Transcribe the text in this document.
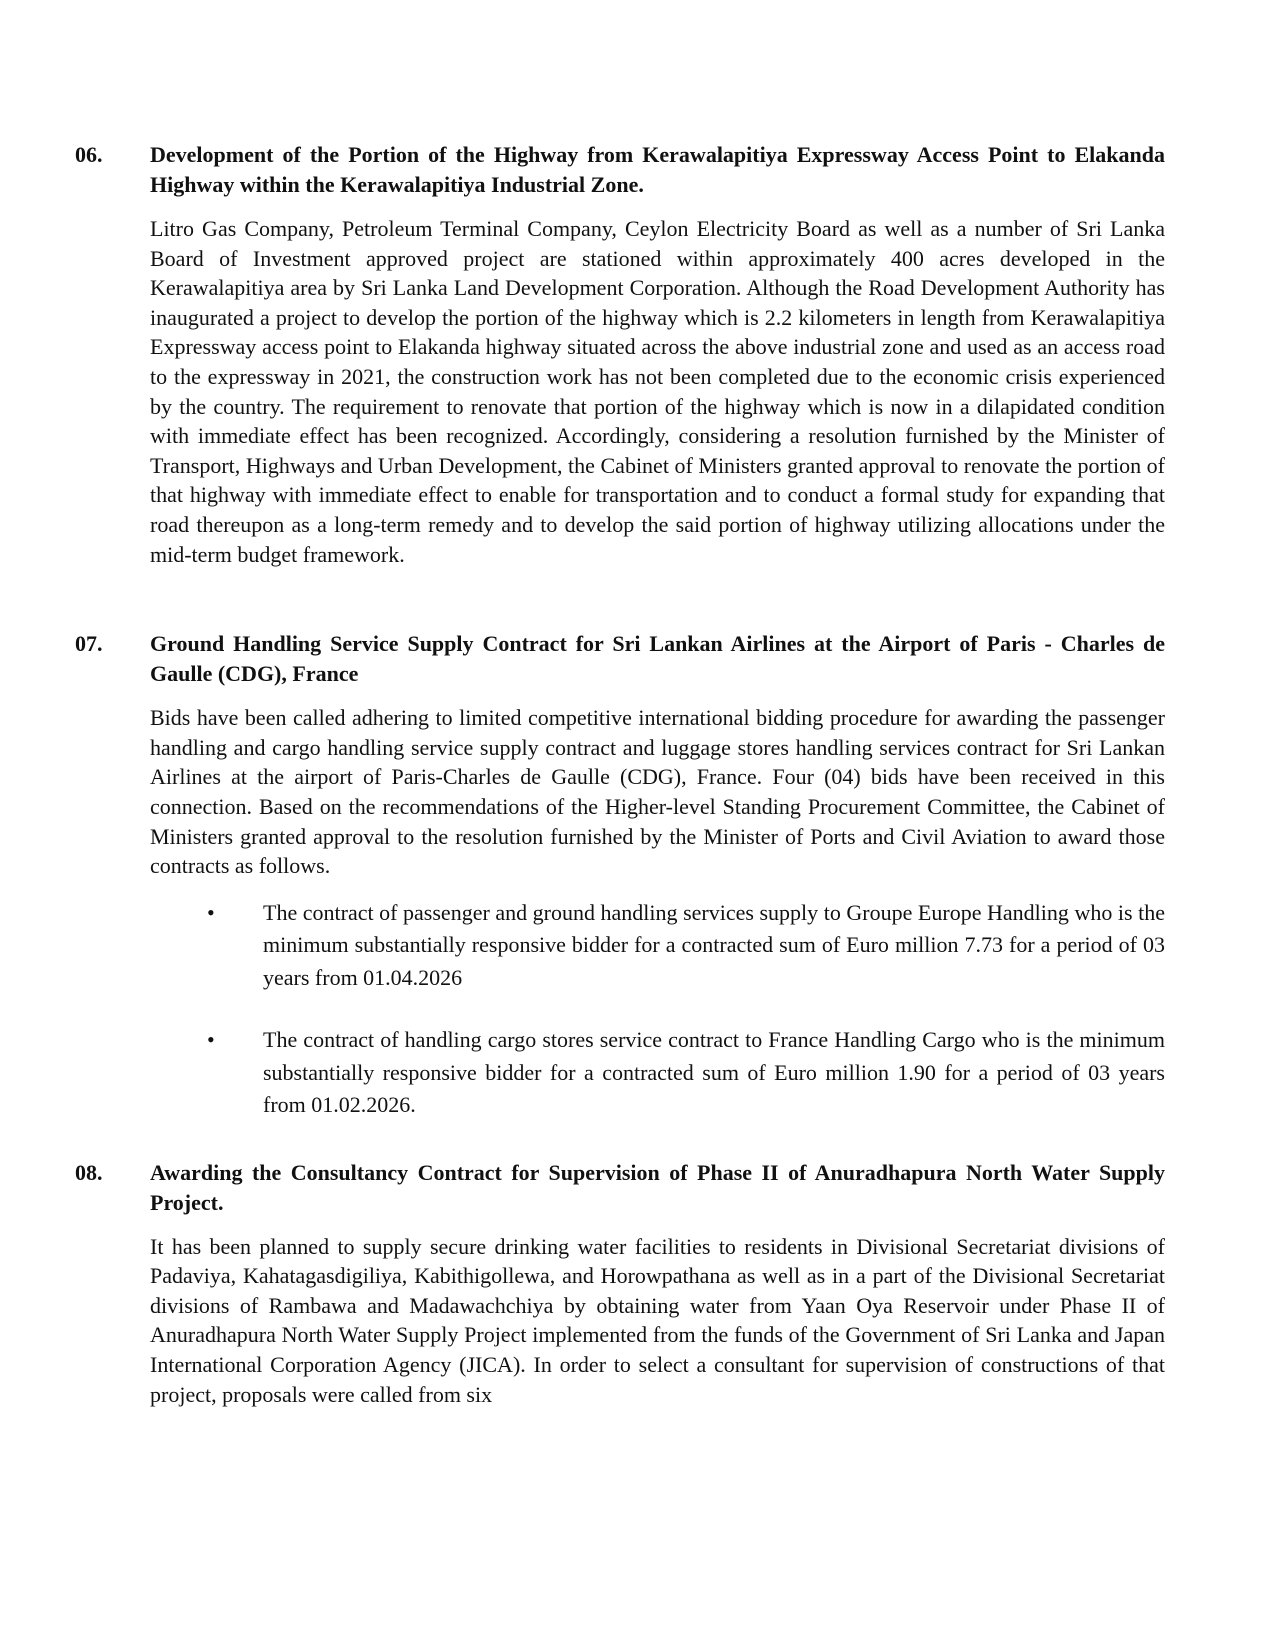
06. Development of the Portion of the Highway from Kerawalapitiya Expressway Access Point to Elakanda Highway within the Kerawalapitiya Industrial Zone.
Litro Gas Company, Petroleum Terminal Company, Ceylon Electricity Board as well as a number of Sri Lanka Board of Investment approved project are stationed within approximately 400 acres developed in the Kerawalapitiya area by Sri Lanka Land Development Corporation. Although the Road Development Authority has inaugurated a project to develop the portion of the highway which is 2.2 kilometers in length from Kerawalapitiya Expressway access point to Elakanda highway situated across the above industrial zone and used as an access road to the expressway in 2021, the construction work has not been completed due to the economic crisis experienced by the country. The requirement to renovate that portion of the highway which is now in a dilapidated condition with immediate effect has been recognized. Accordingly, considering a resolution furnished by the Minister of Transport, Highways and Urban Development, the Cabinet of Ministers granted approval to renovate the portion of that highway with immediate effect to enable for transportation and to conduct a formal study for expanding that road thereupon as a long-term remedy and to develop the said portion of highway utilizing allocations under the mid-term budget framework.
07. Ground Handling Service Supply Contract for Sri Lankan Airlines at the Airport of Paris - Charles de Gaulle (CDG), France
Bids have been called adhering to limited competitive international bidding procedure for awarding the passenger handling and cargo handling service supply contract and luggage stores handling services contract for Sri Lankan Airlines at the airport of Paris-Charles de Gaulle (CDG), France. Four (04) bids have been received in this connection. Based on the recommendations of the Higher-level Standing Procurement Committee, the Cabinet of Ministers granted approval to the resolution furnished by the Minister of Ports and Civil Aviation to award those contracts as follows.
• The contract of passenger and ground handling services supply to Groupe Europe Handling who is the minimum substantially responsive bidder for a contracted sum of Euro million 7.73 for a period of 03 years from 01.04.2026
• The contract of handling cargo stores service contract to France Handling Cargo who is the minimum substantially responsive bidder for a contracted sum of Euro million 1.90 for a period of 03 years from 01.02.2026.
08. Awarding the Consultancy Contract for Supervision of Phase II of Anuradhapura North Water Supply Project.
It has been planned to supply secure drinking water facilities to residents in Divisional Secretariat divisions of Padaviya, Kahatagasdigiliya, Kabithigollewa, and Horowpathana as well as in a part of the Divisional Secretariat divisions of Rambawa and Madawachchiya by obtaining water from Yaan Oya Reservoir under Phase II of Anuradhapura North Water Supply Project implemented from the funds of the Government of Sri Lanka and Japan International Corporation Agency (JICA). In order to select a consultant for supervision of constructions of that project, proposals were called from six
